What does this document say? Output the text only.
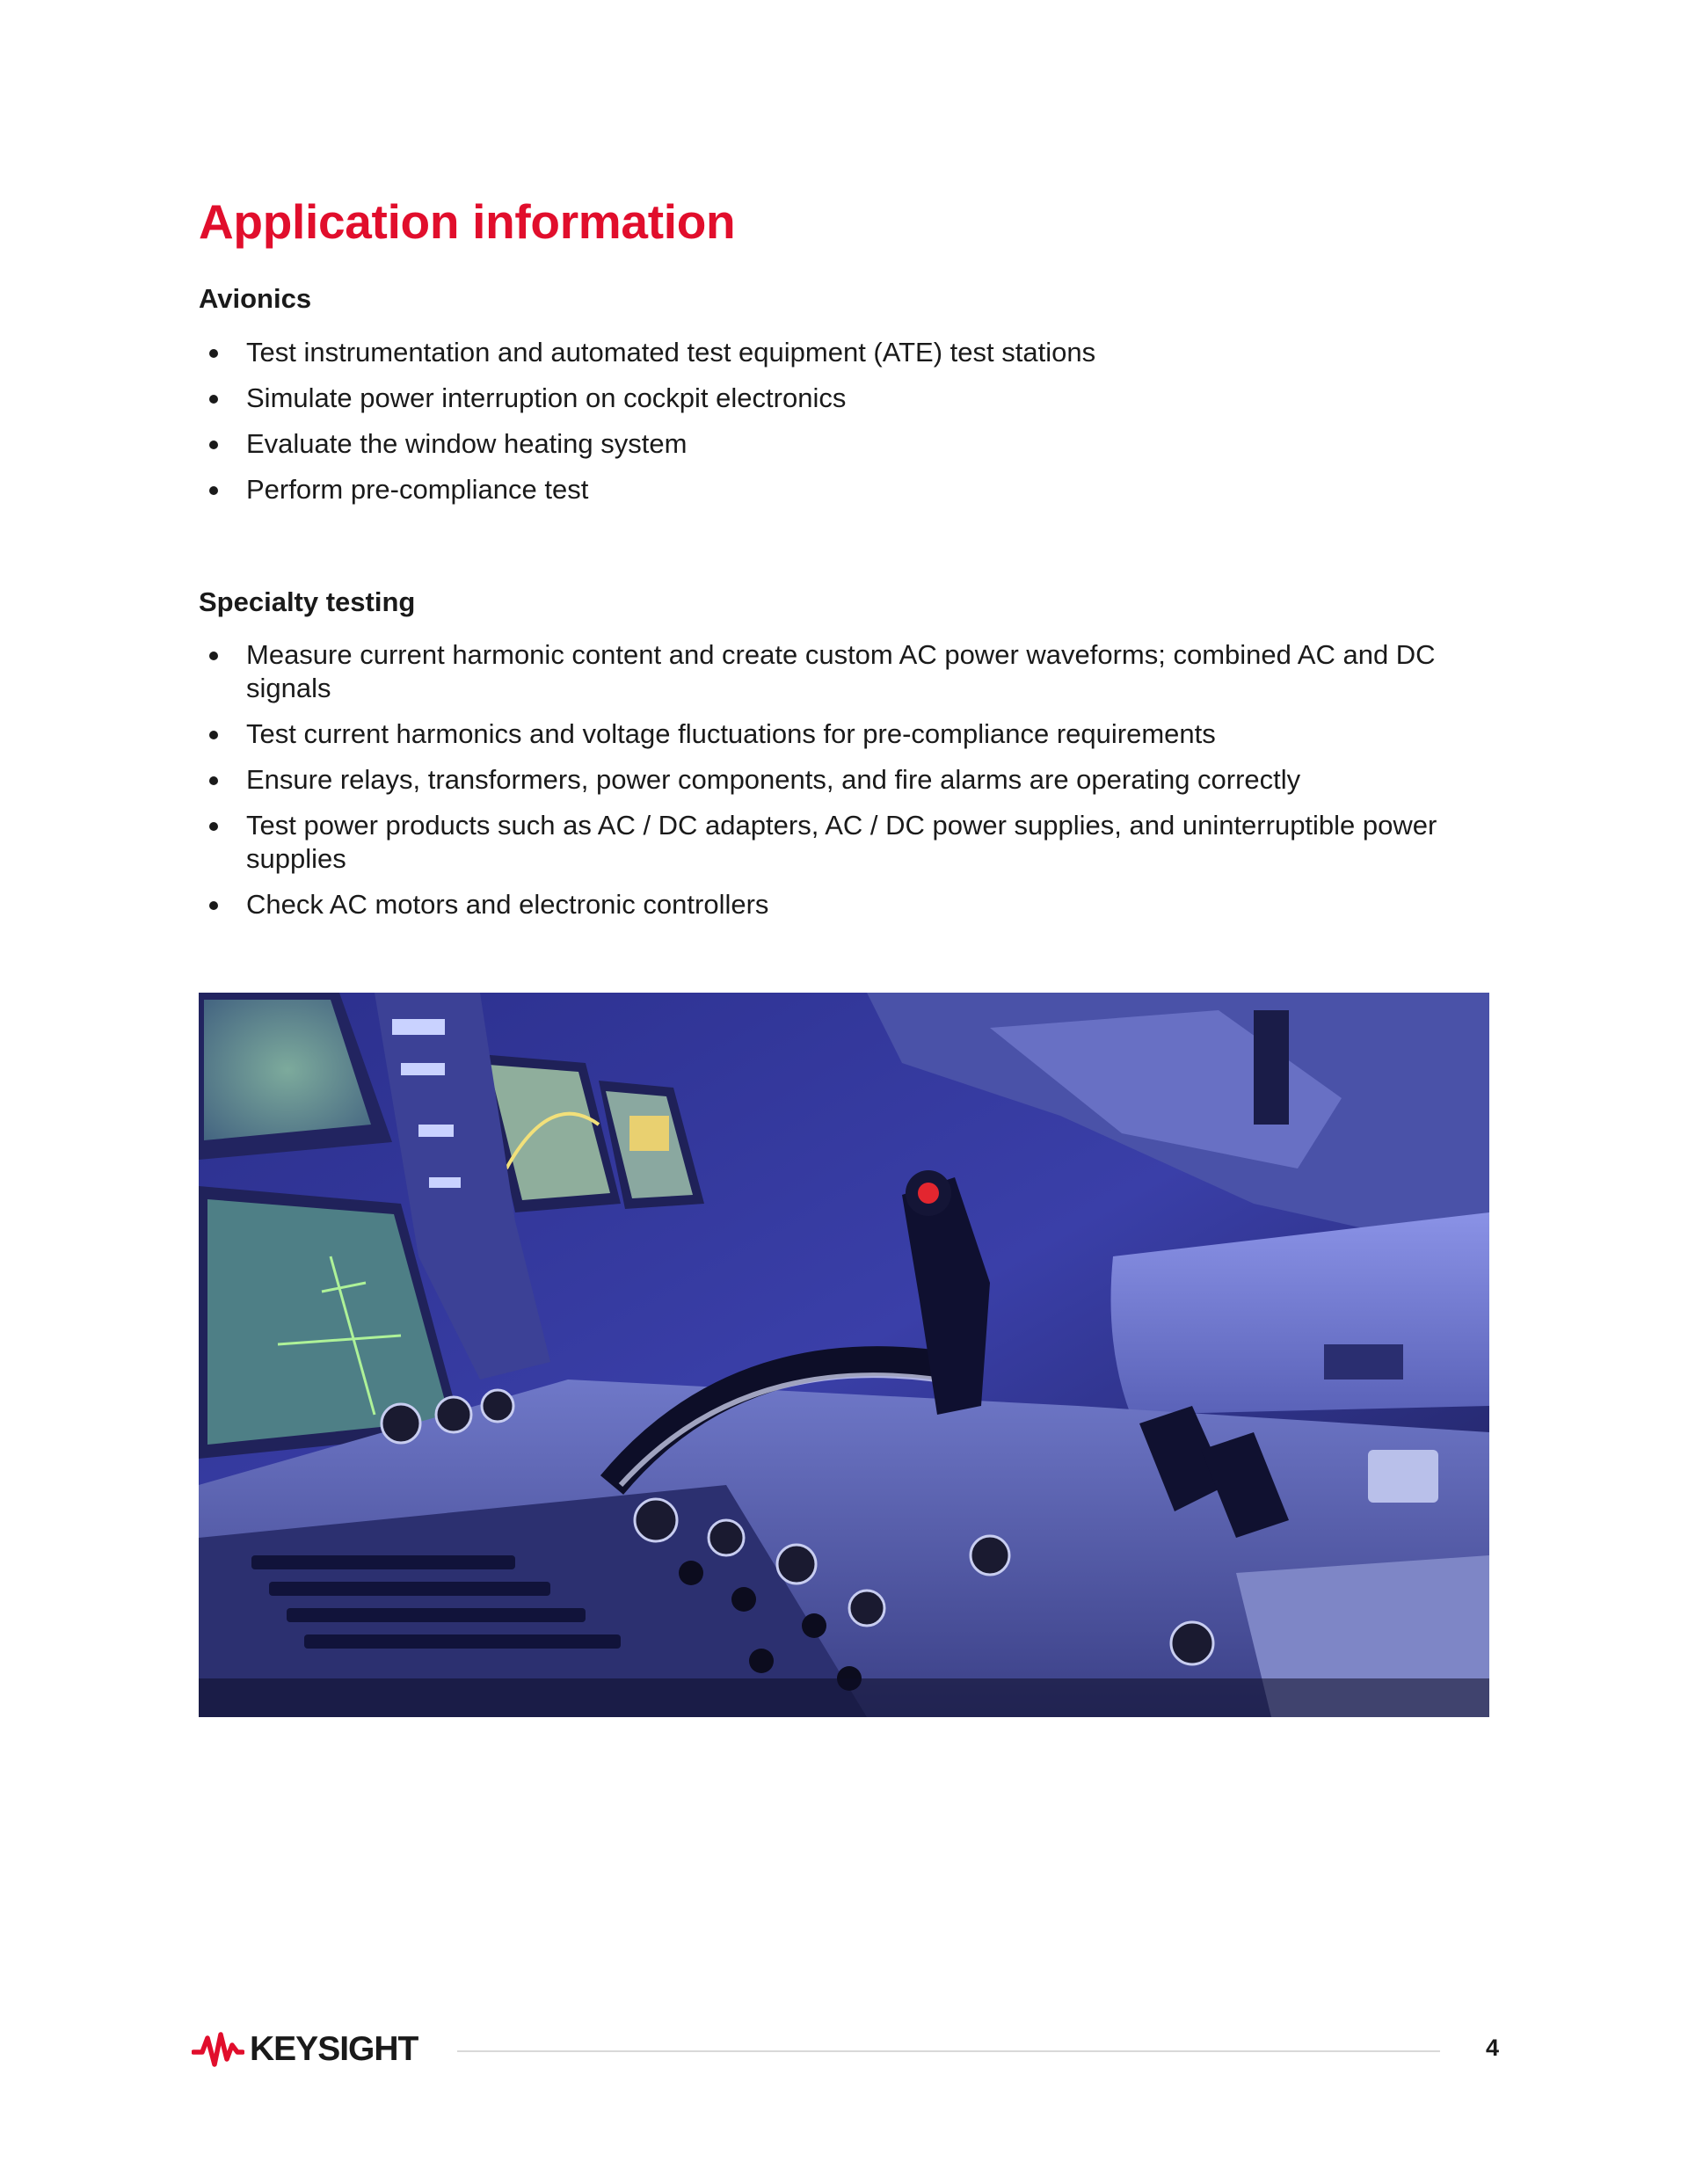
Application information
Avionics
Test instrumentation and automated test equipment (ATE) test stations
Simulate power interruption on cockpit electronics
Evaluate the window heating system
Perform pre-compliance test
Specialty testing
Measure current harmonic content and create custom AC power waveforms; combined AC and DC signals
Test current harmonics and voltage fluctuations for pre-compliance requirements
Ensure relays, transformers, power components, and fire alarms are operating correctly
Test power products such as AC / DC adapters, AC / DC power supplies, and uninterruptible power supplies
Check AC motors and electronic controllers
KEYSIGHT	4
